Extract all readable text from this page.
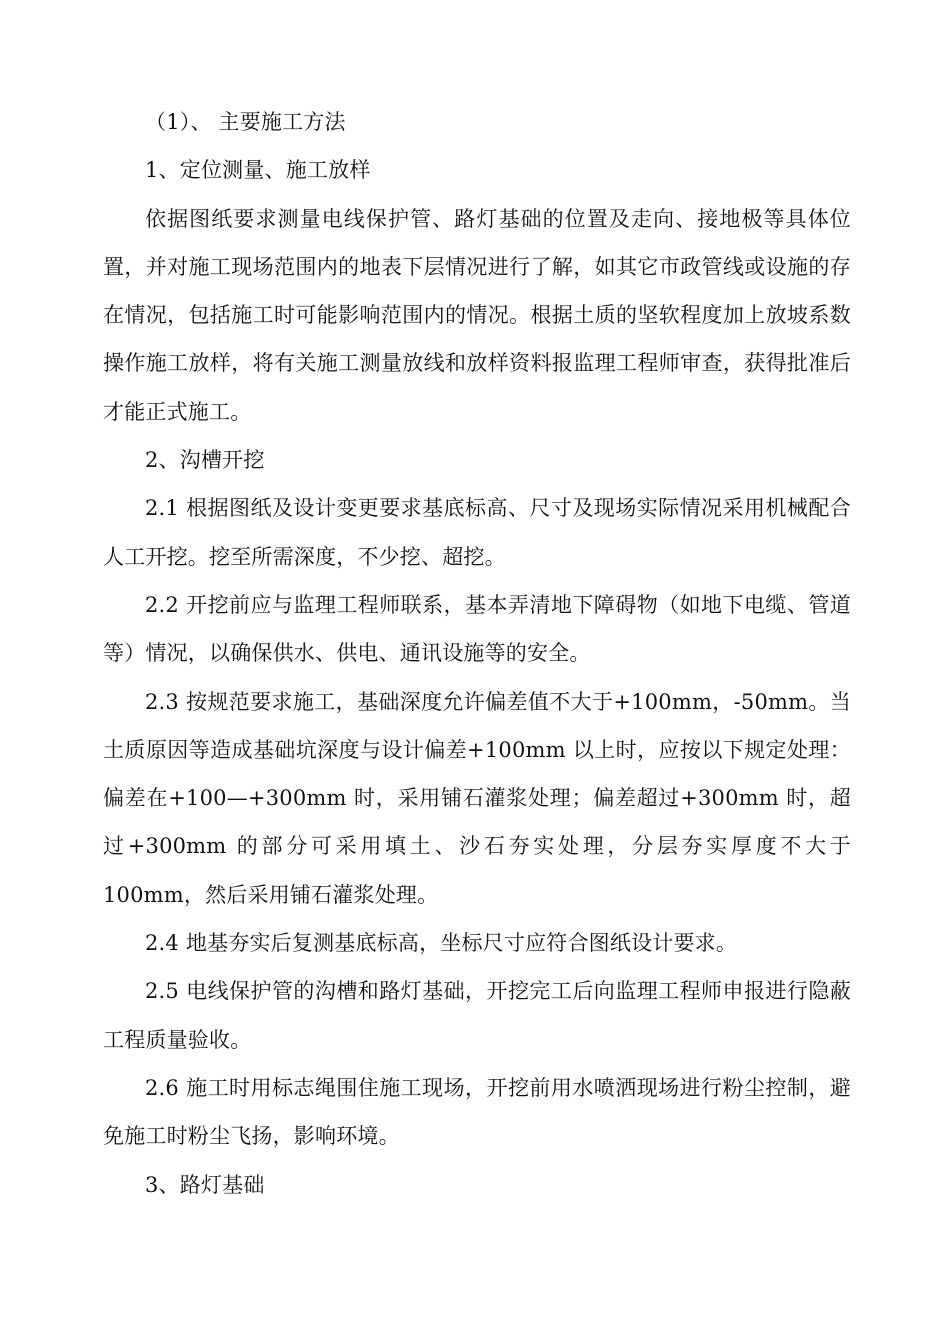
（1）、 主要施工方法

1、定位测量、施工放样

依据图纸要求测量电线保护管、路灯基础的位置及走向、接地极等具体位置，并对施工现场范围内的地表下层情况进行了解，如其它市政管线或设施的存在情况，包括施工时可能影响范围内的情况。根据土质的坚软程度加上放坡系数操作施工放样，将有关施工测量放线和放样资料报监理工程师审查，获得批准后才能正式施工。

2、沟槽开挖

2.1 根据图纸及设计变更要求基底标高、尺寸及现场实际情况采用机械配合人工开挖。挖至所需深度，不少挖、超挖。

2.2 开挖前应与监理工程师联系，基本弄清地下障碍物（如地下电缆、管道等）情况，以确保供水、供电、通讯设施等的安全。

2.3 按规范要求施工，基础深度允许偏差值不大于+100mm，-50mm。当土质原因等造成基础坑深度与设计偏差+100mm 以上时，应按以下规定处理：偏差在+100—+300mm 时，采用铺石灌浆处理；偏差超过+300mm 时，超过+300mm 的部分可采用填土、沙石夯实处理，分层夯实厚度不大于 100mm，然后采用铺石灌浆处理。

2.4 地基夯实后复测基底标高，坐标尺寸应符合图纸设计要求。

2.5 电线保护管的沟槽和路灯基础，开挖完工后向监理工程师申报进行隐蔽工程质量验收。

2.6 施工时用标志绳围住施工现场，开挖前用水喷洒现场进行粉尘控制，避免施工时粉尘飞扬，影响环境。

3、路灯基础
